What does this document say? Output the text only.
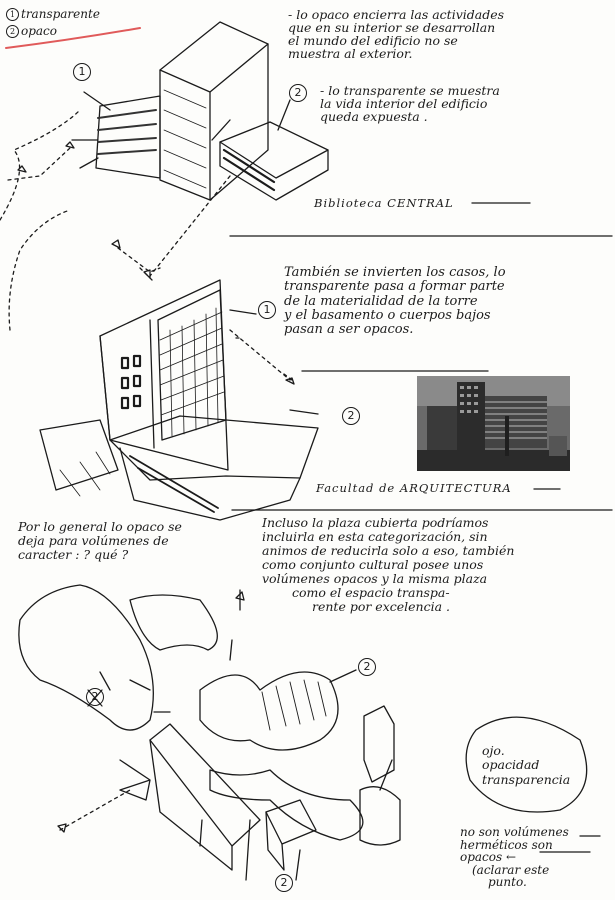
1 transparente
2 opaco
- lo opaco encierra las actividades
que en su interior se desarrollan
el mundo del edificio no se
muestra al exterior.
- lo transparente se muestra
la vida interior del edificio
queda expuesta .
Biblioteca CENTRAL
También se invierten los casos, lo
transparente pasa a formar parte
de la materialidad de la torre
y el basamento o cuerpos bajos
pasan a ser opacos.
Facultad de ARQUITECTURA
Por lo general lo opaco se
deja para volúmenes de
caracter : ? qué ?
Incluso la plaza cubierta podríamos
incluirla en esta categorización, sin
animos de reducirla solo a eso, también
como conjunto cultural posee unos
volúmenes opacos y la misma plaza
como el espacio transpa-
rente por excelencia .
ojo.
opacidad
transparencia
no son volúmenes
herméticos son
opacos ←
(aclarar este
punto.
1
2
1
2
2
2
2
